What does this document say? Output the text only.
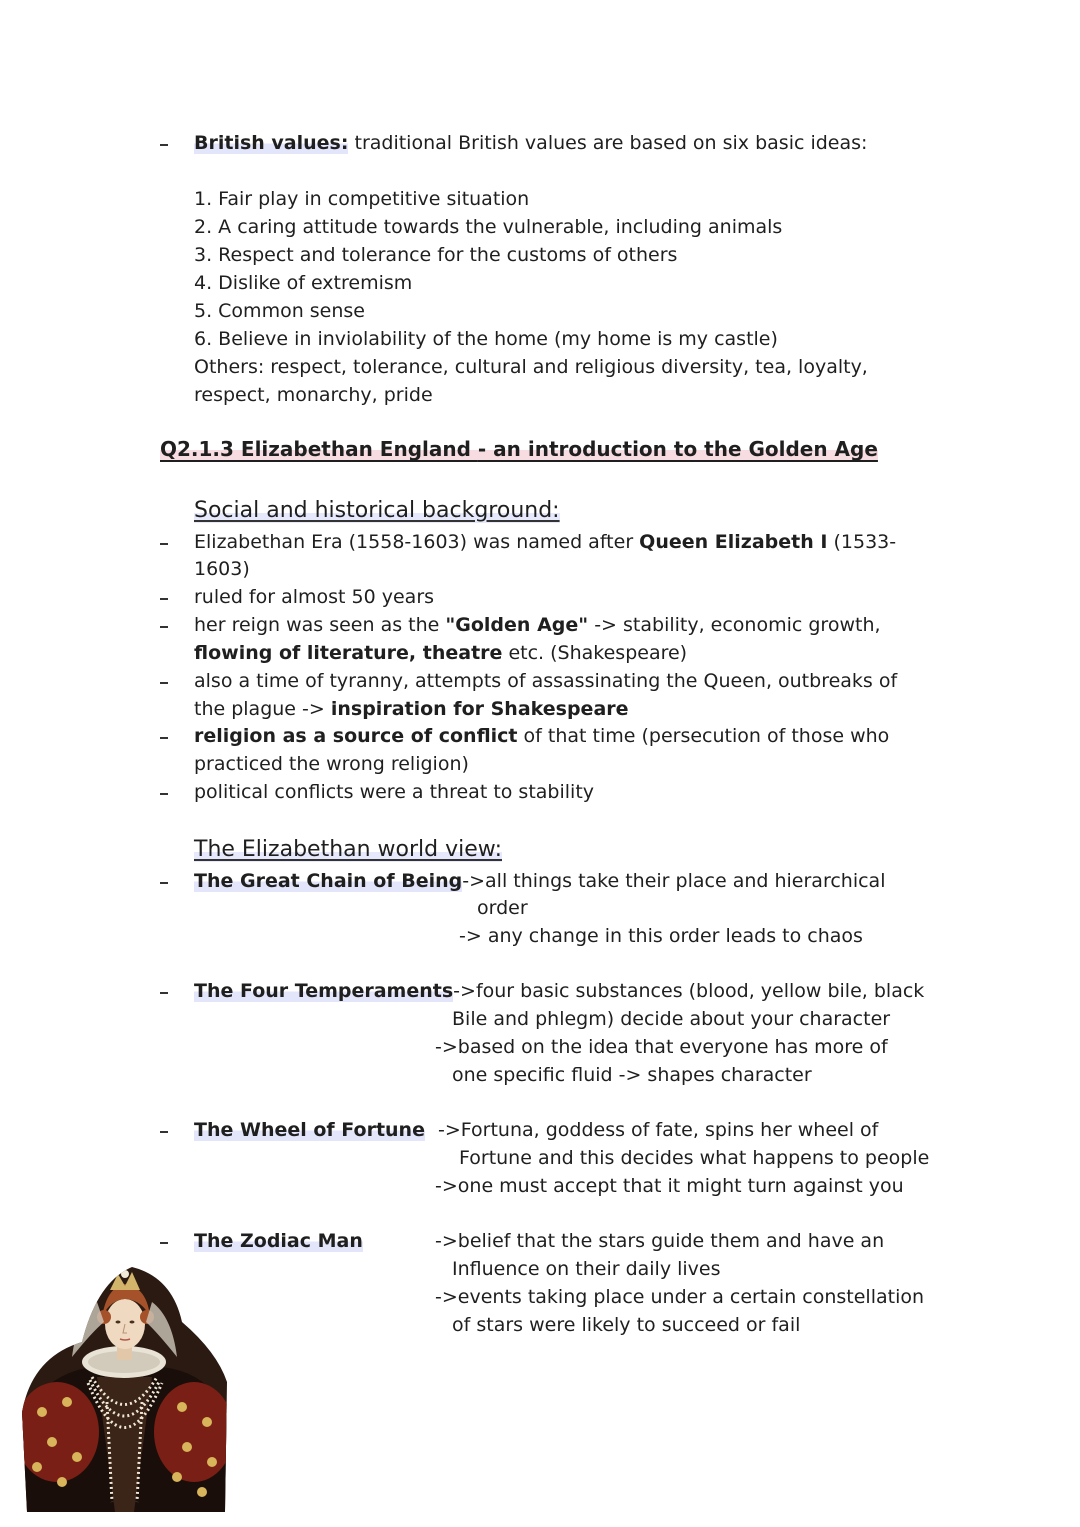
British values: traditional British values are based on six basic ideas:
1. Fair play in competitive situation
2. A caring attitude towards the vulnerable, including animals
3. Respect and tolerance for the customs of others
4. Dislike of extremism
5. Common sense
6. Believe in inviolability of the home (my home is my castle)
Others: respect, tolerance, cultural and religious diversity, tea, loyalty,
respect, monarchy, pride
Q2.1.3 Elizabethan England - an introduction to the Golden Age
Social and historical background:
Elizabethan Era (1558-1603) was named after Queen Elizabeth I (1533-
1603)
ruled for almost 50 years
her reign was seen as the "Golden Age" -> stability, economic growth,
flowing of literature, theatre etc. (Shakespeare)
also a time of tyranny, attempts of assassinating the Queen, outbreaks of
the plague -> inspiration for Shakespeare
religion as a source of conflict of that time (persecution of those who
practiced the wrong religion)
political conflicts were a threat to stability
The Elizabethan world view:
The Great Chain of Being->all things take their place and hierarchical
order
-> any change in this order leads to chaos
The Four Temperaments->four basic substances (blood, yellow bile, black
Bile and phlegm) decide about your character
->based on the idea that everyone has more of
one specific fluid -> shapes character
The Wheel of Fortune ->Fortuna, goddess of fate, spins her wheel of
Fortune and this decides what happens to people
->one must accept that it might turn against you
The Zodiac Man	->belief that the stars guide them and have an
Influence on their daily lives
->events taking place under a certain constellation
of stars were likely to succeed or fail
